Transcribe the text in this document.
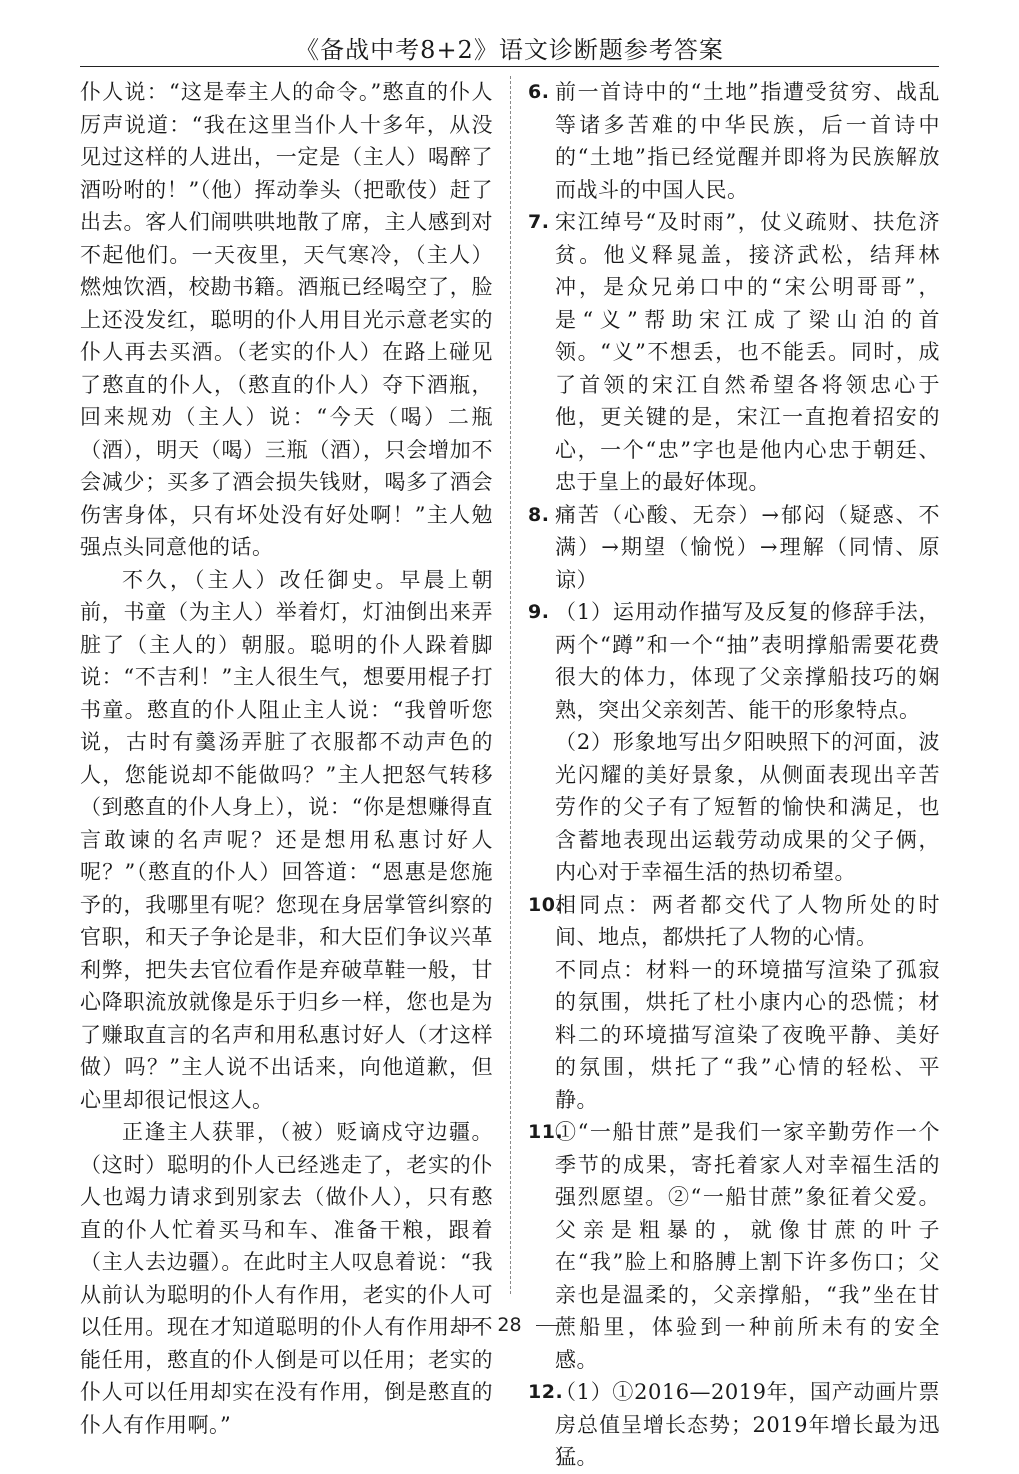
《备战中考8+2》语文诊断题参考答案

仆人说：“这是奉主人的命令。”憨直的仆人厉声说道：“我在这里当仆人十多年，从没见过这样的人进出，一定是（主人）喝醉了酒吩咐的！”（他）挥动拳头（把歌伎）赶了出去。客人们闹哄哄地散了席，主人感到对不起他们。一天夜里，天气寒冷，（主人）燃烛饮酒，校勘书籍。酒瓶已经喝空了，脸上还没发红，聪明的仆人用目光示意老实的仆人再去买酒。（老实的仆人）在路上碰见了憨直的仆人，（憨直的仆人）夺下酒瓶，回来规劝（主人）说：“今天（喝）二瓶（酒），明天（喝）三瓶（酒），只会增加不会减少；买多了酒会损失钱财，喝多了酒会伤害身体，只有坏处没有好处啊！”主人勉强点头同意他的话。

不久，（主人）改任御史。早晨上朝前，书童（为主人）举着灯，灯油倒出来弄脏了（主人的）朝服。聪明的仆人跺着脚说：“不吉利！”主人很生气，想要用棍子打书童。憨直的仆人阻止主人说：“我曾听您说，古时有羹汤弄脏了衣服都不动声色的人，您能说却不能做吗？”主人把怒气转移（到憨直的仆人身上），说：“你是想赚得直言敢谏的名声呢？还是想用私惠讨好人呢？”（憨直的仆人）回答道：“恩惠是您施予的，我哪里有呢？您现在身居掌管纠察的官职，和天子争论是非，和大臣们争议兴革利弊，把失去官位看作是弃破草鞋一般，甘心降职流放就像是乐于归乡一样，您也是为了赚取直言的名声和用私惠讨好人（才这样做）吗？”主人说不出话来，向他道歉，但心里却很记恨这人。

正逢主人获罪，（被）贬谪戍守边疆。（这时）聪明的仆人已经逃走了，老实的仆人也竭力请求到别家去（做仆人），只有憨直的仆人忙着买马和车、准备干粮，跟着（主人去边疆）。在此时主人叹息着说：“我从前认为聪明的仆人有作用，老实的仆人可以任用。现在才知道聪明的仆人有作用却不能任用，憨直的仆人倒是可以任用；老实的仆人可以任用却实在没有作用，倒是憨直的仆人有作用啊。”

6. 前一首诗中的“土地”指遭受贫穷、战乱等诸多苦难的中华民族，后一首诗中的“土地”指已经觉醒并即将为民族解放而战斗的中国人民。

7. 宋江绰号“及时雨”，仗义疏财、扶危济贫。他义释晁盖，接济武松，结拜林冲，是众兄弟口中的“宋公明哥哥”，是“义”帮助宋江成了梁山泊的首领。“义”不想丢，也不能丢。同时，成了首领的宋江自然希望各将领忠心于他，更关键的是，宋江一直抱着招安的心，一个“忠”字也是他内心忠于朝廷、忠于皇上的最好体现。

8. 痛苦（心酸、无奈）→郁闷（疑惑、不满）→期望（愉悦）→理解（同情、原谅）

9. （1）运用动作描写及反复的修辞手法，两个“蹲”和一个“抽”表明撑船需要花费很大的体力，体现了父亲撑船技巧的娴熟，突出父亲刻苦、能干的形象特点。

（2）形象地写出夕阳映照下的河面，波光闪耀的美好景象，从侧面表现出辛苦劳作的父子有了短暂的愉快和满足，也含蓄地表现出运载劳动成果的父子俩，内心对于幸福生活的热切希望。

10.

相同点：两者都交代了人物所处的时间、地点，都烘托了人物的心情。

不同点：材料一的环境描写渲染了孤寂的氛围，烘托了杜小康内心的恐慌；材料二的环境描写渲染了夜晚平静、美好的氛围，烘托了“我”心情的轻松、平静。

11.

①“一船甘蔗”是我们一家辛勤劳作一个季节的成果，寄托着家人对幸福生活的强烈愿望。②“一船甘蔗”象征着父爱。父亲是粗暴的，就像甘蔗的叶子在“我”脸上和胳膊上割下许多伤口；父亲也是温柔的，父亲撑船，“我”坐在甘蔗船里，体验到一种前所未有的安全感。

12.

（1）①2016—2019年，国产动画片票房总值呈增长态势；2019年增长最为迅猛。

28
